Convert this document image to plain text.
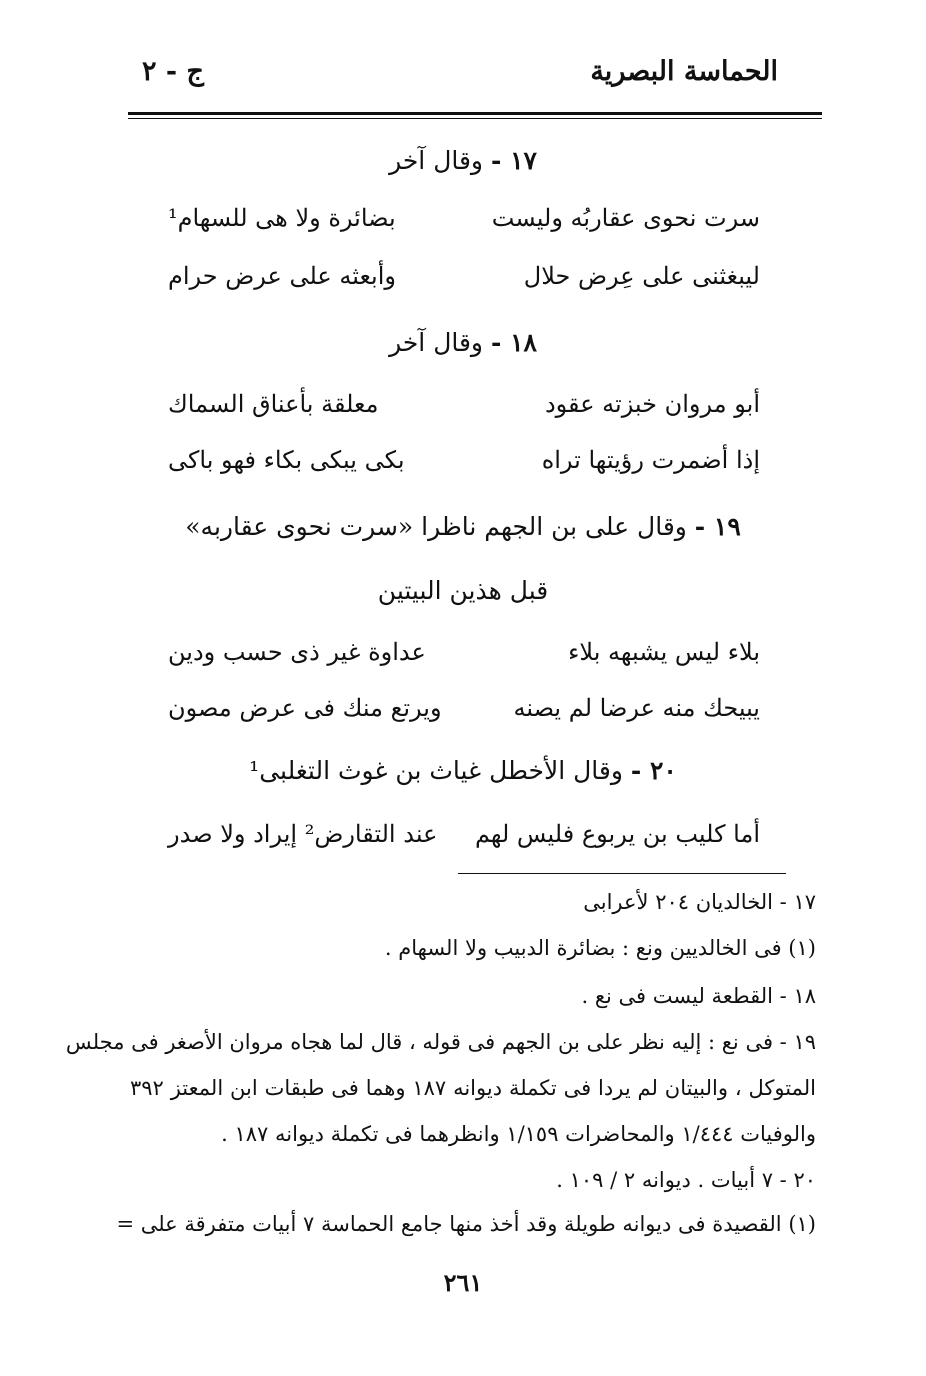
الحماسة البصرية
ج - ٢
١٧ - وقال آخر
سرت نحوى عقاربُه وليست
بضائرة ولا هى للسهام¹
ليبغثنى على عِرض حلال
وأبعثه على عرض حرام
١٨ - وقال آخر
أبو مروان خبزته عقود
معلقة بأعناق السماك
إذا أضمرت رؤيتها تراه
بكى يبكى بكاء فهو باكى
١٩ - وقال على بن الجهم ناظرا «سرت نحوى عقاربه»
قبل هذين البيتين
بلاء ليس يشبهه بلاء
عداوة غير ذى حسب ودين
يبيحك منه عرضا لم يصنه
ويرتع منك فى عرض مصون
٢٠ - وقال الأخطل غياث بن غوث التغلبى¹
أما كليب بن يربوع فليس لهم
عند التقارض² إيراد ولا صدر
١٧ - الخالديان ٢٠٤ لأعرابى
(١) فى الخالديين ونع : بضائرة الدبيب ولا السهام .
١٨ - القطعة ليست فى نع .
١٩ - فى نع : إليه نظر على بن الجهم فى قوله ، قال لما هجاه مروان الأصغر فى مجلس
المتوكل ، والبيتان لم يردا فى تكملة ديوانه ١٨٧ وهما فى طبقات ابن المعتز ٣٩٢
والوفيات ١/٤٤٤ والمحاضرات ١/١٥٩ وانظرهما فى تكملة ديوانه ١٨٧ .
٢٠ - ٧ أبيات . ديوانه ٢ / ١٠٩ .
(١) القصيدة فى ديوانه طويلة وقد أخذ منها جامع الحماسة ٧ أبيات متفرقة على =
٢٦١
